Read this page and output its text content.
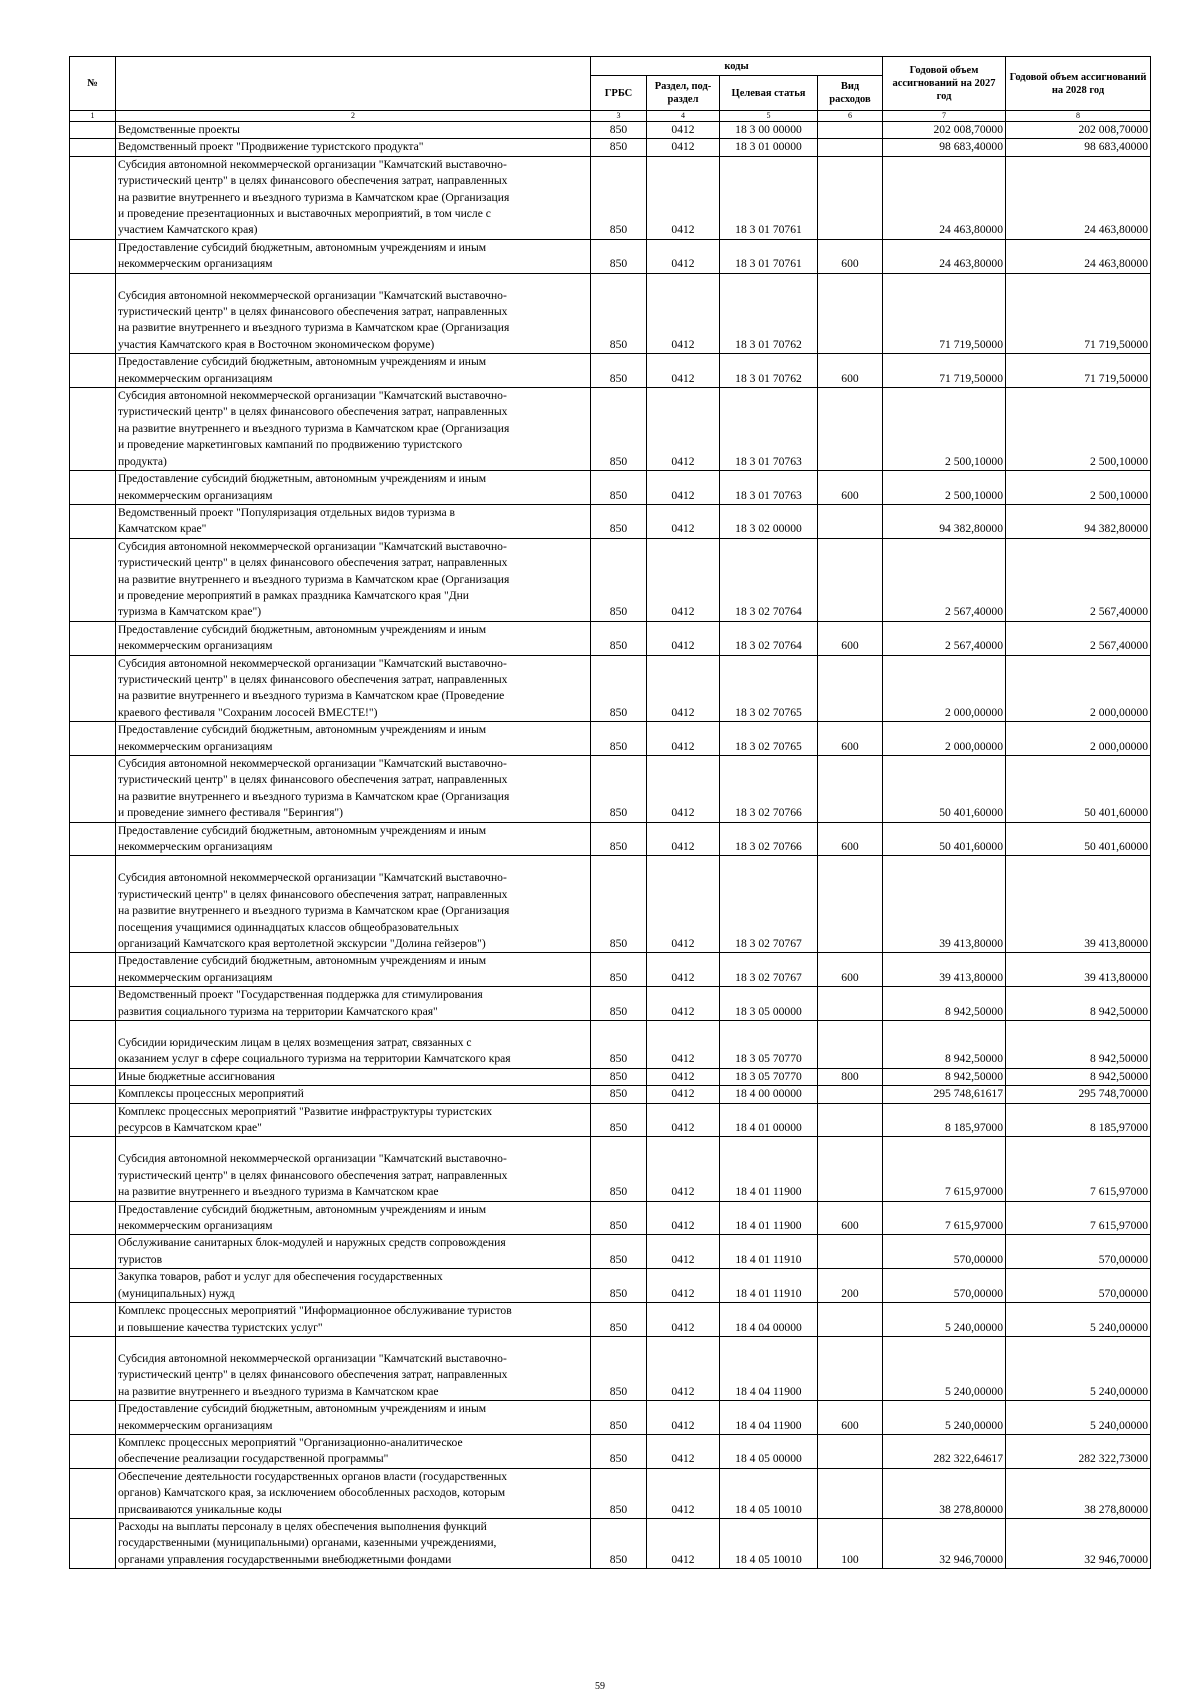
№		коды				Годовой объем ассигнований на 2027 год	Годовой объем ассигнований на 2028 год
		ГРБС	Раздел, под-раздел	Целевая статья	Вид расходов		
1	2	3	4	5	6	7	8
	Ведомственные проекты	850	0412	18 3 00 00000		202 008,70000	202 008,70000
	Ведомственный проект "Продвижение туристского продукта"	850	0412	18 3 01 00000		98 683,40000	98 683,40000
	Субсидия автономной некоммерческой организации "Камчатский выставочно-
туристический центр" в целях финансового обеспечения затрат, направленных
на развитие внутреннего и въездного туризма в Камчатском крае (Организация
и проведение презентационных и выставочных мероприятий, в том числе с
участием Камчатского края)	850	0412	18 3 01 70761		24 463,80000	24 463,80000
	Предоставление субсидий бюджетным, автономным учреждениям и иным
некоммерческим организациям	850	0412	18 3 01 70761	600	24 463,80000	24 463,80000
	Субсидия автономной некоммерческой организации "Камчатский выставочно-
туристический центр" в целях финансового обеспечения затрат, направленных
на развитие внутреннего и въездного туризма в Камчатском крае (Организация
участия Камчатского края в Восточном экономическом форуме)	850	0412	18 3 01 70762		71 719,50000	71 719,50000
	Предоставление субсидий бюджетным, автономным учреждениям и иным
некоммерческим организациям	850	0412	18 3 01 70762	600	71 719,50000	71 719,50000
	Субсидия автономной некоммерческой организации "Камчатский выставочно-
туристический центр" в целях финансового обеспечения затрат, направленных
на развитие внутреннего и въездного туризма в Камчатском крае (Организация
и проведение маркетинговых кампаний по продвижению туристского
продукта)	850	0412	18 3 01 70763		2 500,10000	2 500,10000
	Предоставление субсидий бюджетным, автономным учреждениям и иным
некоммерческим организациям	850	0412	18 3 01 70763	600	2 500,10000	2 500,10000
	Ведомственный проект "Популяризация отдельных видов туризма в
Камчатском крае"	850	0412	18 3 02 00000		94 382,80000	94 382,80000
	Субсидия автономной некоммерческой организации "Камчатский выставочно-
туристический центр" в целях финансового обеспечения затрат, направленных
на развитие внутреннего и въездного туризма в Камчатском крае (Организация
и проведение мероприятий в рамках праздника Камчатского края "Дни
туризма в Камчатском крае")	850	0412	18 3 02 70764		2 567,40000	2 567,40000
	Предоставление субсидий бюджетным, автономным учреждениям и иным
некоммерческим организациям	850	0412	18 3 02 70764	600	2 567,40000	2 567,40000
	Субсидия автономной некоммерческой организации "Камчатский выставочно-
туристический центр" в целях финансового обеспечения затрат, направленных
на развитие внутреннего и въездного туризма в Камчатском крае (Проведение
краевого фестиваля "Сохраним лососей ВМЕСТЕ!")	850	0412	18 3 02 70765		2 000,00000	2 000,00000
	Предоставление субсидий бюджетным, автономным учреждениям и иным
некоммерческим организациям	850	0412	18 3 02 70765	600	2 000,00000	2 000,00000
	Субсидия автономной некоммерческой организации "Камчатский выставочно-
туристический центр" в целях финансового обеспечения затрат, направленных
на развитие внутреннего и въездного туризма в Камчатском крае (Организация
и проведение зимнего фестиваля "Берингия")	850	0412	18 3 02 70766		50 401,60000	50 401,60000
	Предоставление субсидий бюджетным, автономным учреждениям и иным
некоммерческим организациям	850	0412	18 3 02 70766	600	50 401,60000	50 401,60000
	Субсидия автономной некоммерческой организации "Камчатский выставочно-
туристический центр" в целях финансового обеспечения затрат, направленных
на развитие внутреннего и въездного туризма в Камчатском крае (Организация
посещения учащимися одиннадцатых классов общеобразовательных
организаций Камчатского края вертолетной экскурсии "Долина гейзеров")	850	0412	18 3 02 70767		39 413,80000	39 413,80000
	Предоставление субсидий бюджетным, автономным учреждениям и иным
некоммерческим организациям	850	0412	18 3 02 70767	600	39 413,80000	39 413,80000
	Ведомственный проект "Государственная поддержка для стимулирования
развития социального туризма на территории Камчатского края"	850	0412	18 3 05 00000		8 942,50000	8 942,50000
	Субсидии юридическим лицам в целях возмещения затрат, связанных с
оказанием услуг в сфере социального туризма на территории Камчатского края	850	0412	18 3 05 70770		8 942,50000	8 942,50000
	Иные бюджетные ассигнования	850	0412	18 3 05 70770	800	8 942,50000	8 942,50000
	Комплексы процессных мероприятий	850	0412	18 4 00 00000		295 748,61617	295 748,70000
	Комплекс процессных мероприятий "Развитие инфраструктуры туристских
ресурсов в Камчатском крае"	850	0412	18 4 01 00000		8 185,97000	8 185,97000
	Субсидия автономной некоммерческой организации "Камчатский выставочно-
туристический центр" в целях финансового обеспечения затрат, направленных
на развитие внутреннего и въездного туризма в Камчатском крае	850	0412	18 4 01 11900		7 615,97000	7 615,97000
	Предоставление субсидий бюджетным, автономным учреждениям и иным
некоммерческим организациям	850	0412	18 4 01 11900	600	7 615,97000	7 615,97000
	Обслуживание санитарных блок-модулей и наружных средств сопровождения
туристов	850	0412	18 4 01 11910		570,00000	570,00000
	Закупка товаров, работ и услуг для обеспечения государственных
(муниципальных) нужд	850	0412	18 4 01 11910	200	570,00000	570,00000
	Комплекс процессных мероприятий "Информационное обслуживание туристов
и повышение качества туристских услуг"	850	0412	18 4 04 00000		5 240,00000	5 240,00000
	Субсидия автономной некоммерческой организации "Камчатский выставочно-
туристический центр" в целях финансового обеспечения затрат, направленных
на развитие внутреннего и въездного туризма в Камчатском крае	850	0412	18 4 04 11900		5 240,00000	5 240,00000
	Предоставление субсидий бюджетным, автономным учреждениям и иным
некоммерческим организациям	850	0412	18 4 04 11900	600	5 240,00000	5 240,00000
	Комплекс процессных мероприятий "Организационно-аналитическое
обеспечение реализации государственной программы"	850	0412	18 4 05 00000		282 322,64617	282 322,73000
	Обеспечение деятельности государственных органов власти (государственных
органов) Камчатского края, за исключением обособленных расходов, которым
присваиваются уникальные коды	850	0412	18 4 05 10010		38 278,80000	38 278,80000
	Расходы на выплаты персоналу в целях обеспечения выполнения функций
государственными (муниципальными) органами, казенными учреждениями,
органами управления государственными внебюджетными фондами	850	0412	18 4 05 10010	100	32 946,70000	32 946,70000
59
